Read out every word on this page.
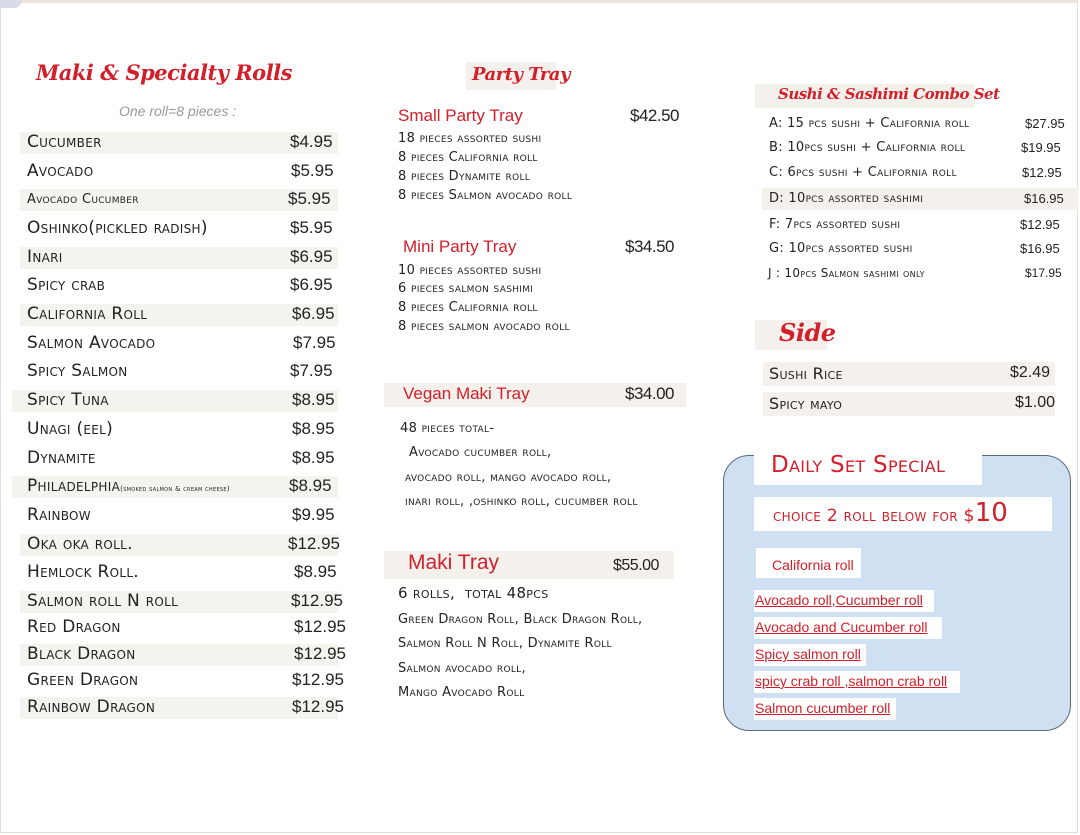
Maki & Specialty Rolls
One roll=8 pieces :
Cucumber	$4.95
Avocado	$5.95
Avocado Cucumber	$5.95
Oshinko(pickled radish)	$5.95
Inari	$6.95
Spicy crab	$6.95
California Roll	$6.95
Salmon Avocado	$7.95
Spicy Salmon	$7.95
Spicy Tuna	$8.95
Unagi (eel)	$8.95
Dynamite	$8.95
Philadelphia(smoked salmon & cream cheese)	$8.95
Rainbow	$9.95
Oka oka roll.	$12.95
Hemlock Roll.	$8.95
Salmon roll N roll	$12.95
Red Dragon	$12.95
Black Dragon	$12.95
Green Dragon	$12.95
Rainbow Dragon	$12.95
Party Tray
Small Party Tray	$42.50
18 pieces assorted sushi
8 pieces California roll
8 pieces Dynamite roll
8 pieces Salmon avocado roll
Mini Party Tray	$34.50
10 pieces assorted sushi
6 pieces salmon sashimi
8 pieces California roll
8 pieces salmon avocado roll
Vegan Maki Tray	$34.00
48 pieces total-
Avocado cucumber roll,
avocado roll, mango avocado roll,
inari roll, ,oshinko roll, cucumber roll
Maki Tray	$55.00
6 rolls,  total 48pcs
Green Dragon Roll, Black Dragon Roll,
Salmon Roll N Roll, Dynamite Roll
Salmon avocado roll,
Mango Avocado Roll
Sushi & Sashimi Combo Set
A: 15 pcs sushi + California roll	$27.95
B: 10pcs sushi + California roll	$19.95
C: 6pcs sushi + California roll	$12.95
D: 10pcs assorted sashimi	$16.95
F: 7pcs assorted sushi	$12.95
G: 10pcs assorted sushi	$16.95
J : 10pcs Salmon sashimi only	$17.95
Side
Sushi Rice	$2.49
Spicy mayo	$1.00
Daily Set Special
choice 2 roll below for $10
California roll
Avocado roll,Cucumber roll
Avocado and Cucumber roll
Spicy salmon roll
spicy crab roll ,salmon crab roll
Salmon cucumber roll
